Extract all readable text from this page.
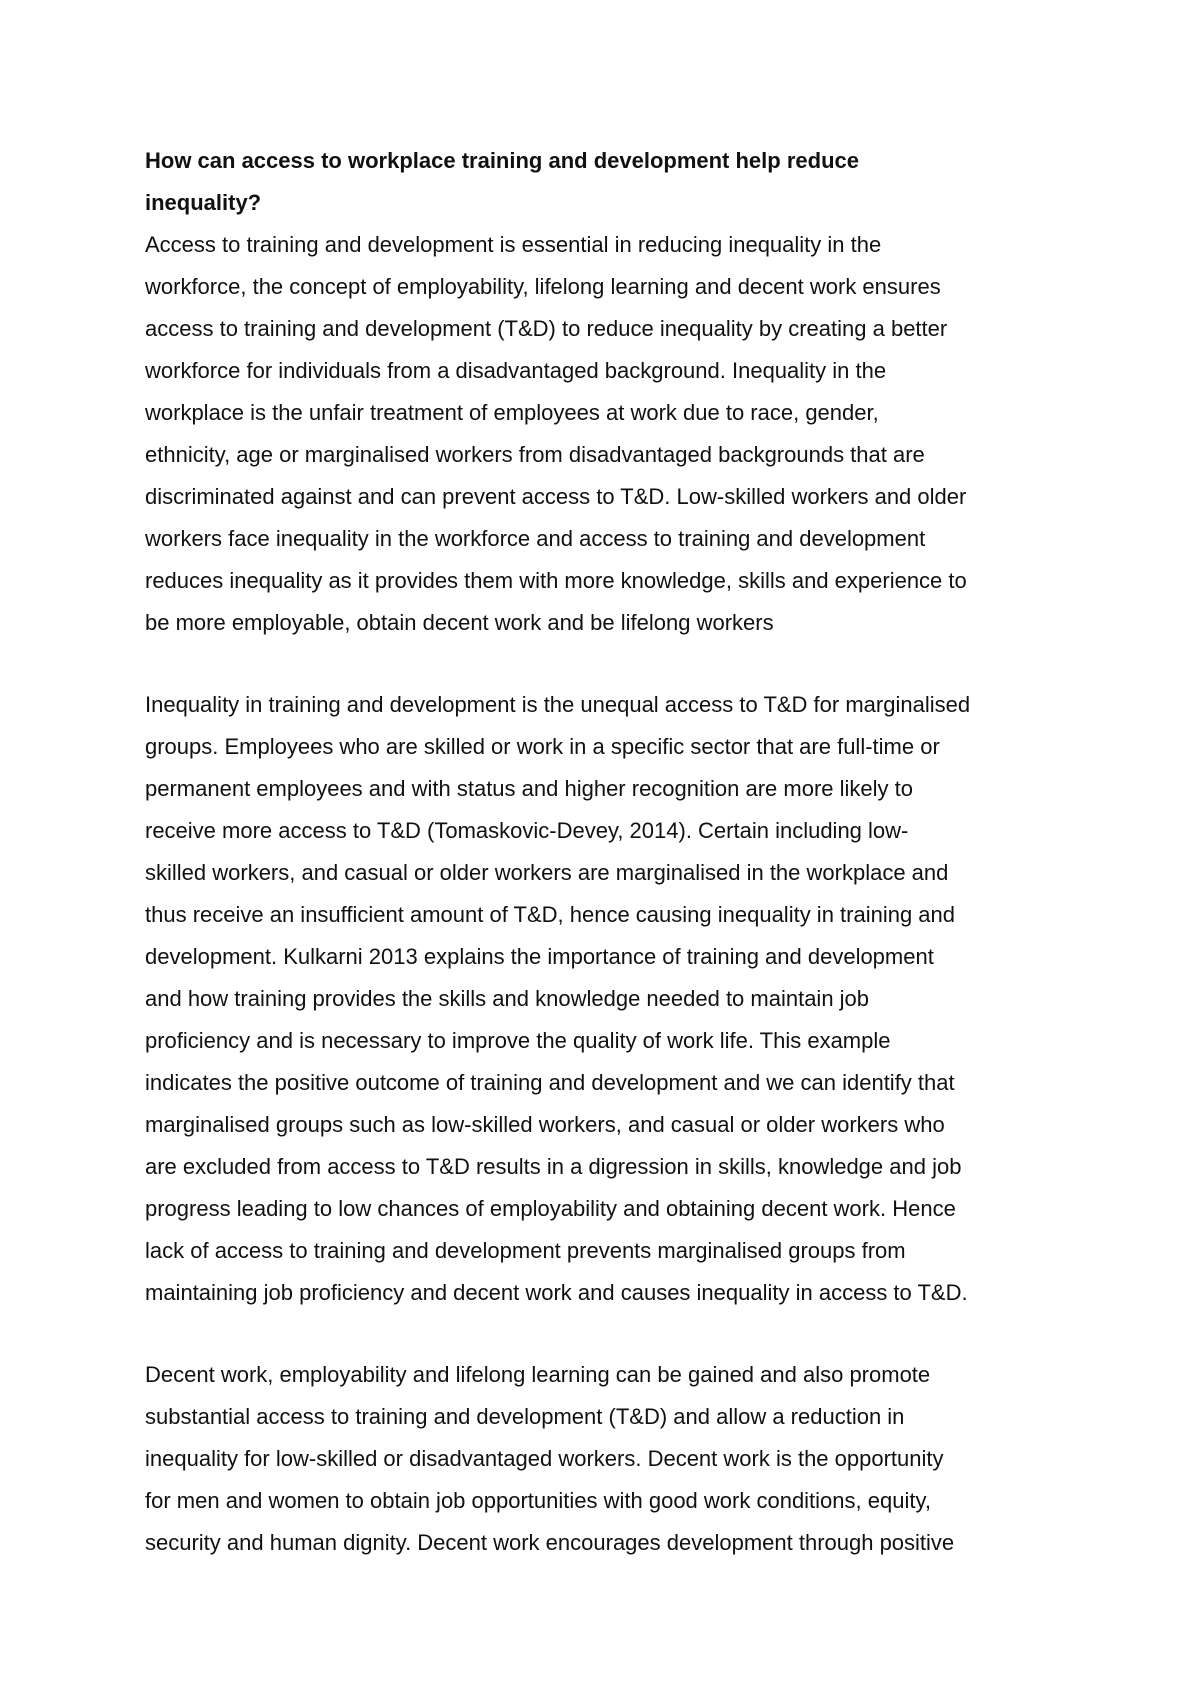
How can access to workplace training and development help reduce
inequality?

Access to training and development is essential in reducing inequality in the
workforce, the concept of employability, lifelong learning and decent work ensures
access to training and development (T&D) to reduce inequality by creating a better
workforce for individuals from a disadvantaged background. Inequality in the
workplace is the unfair treatment of employees at work due to race, gender,
ethnicity, age or marginalised workers from disadvantaged backgrounds that are
discriminated against and can prevent access to T&D. Low-skilled workers and older
workers face inequality in the workforce and access to training and development
reduces inequality as it provides them with more knowledge, skills and experience to
be more employable, obtain decent work and be lifelong workers

Inequality in training and development is the unequal access to T&D for marginalised
groups. Employees who are skilled or work in a specific sector that are full-time or
permanent employees and with status and higher recognition are more likely to
receive more access to T&D (Tomaskovic-Devey, 2014). Certain including low-
skilled workers, and casual or older workers are marginalised in the workplace and
thus receive an insufficient amount of T&D, hence causing inequality in training and
development. Kulkarni 2013 explains the importance of training and development
and how training provides the skills and knowledge needed to maintain job
proficiency and is necessary to improve the quality of work life. This example
indicates the positive outcome of training and development and we can identify that
marginalised groups such as low-skilled workers, and casual or older workers who
are excluded from access to T&D results in a digression in skills, knowledge and job
progress leading to low chances of employability and obtaining decent work. Hence
lack of access to training and development prevents marginalised groups from
maintaining job proficiency and decent work and causes inequality in access to T&D.

Decent work, employability and lifelong learning can be gained and also promote
substantial access to training and development (T&D) and allow a reduction in
inequality for low-skilled or disadvantaged workers. Decent work is the opportunity
for men and women to obtain job opportunities with good work conditions, equity,
security and human dignity. Decent work encourages development through positive
